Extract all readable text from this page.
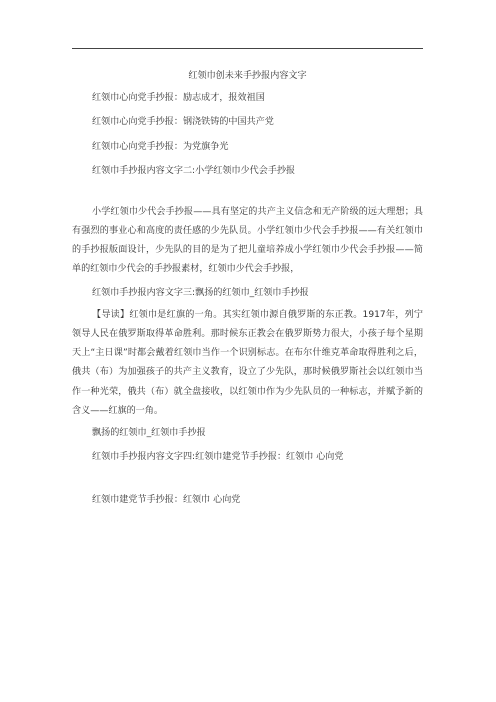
红领巾创未来手抄报内容文字

红领巾心向党手抄报：励志成才，报效祖国

红领巾心向党手抄报：钢浇铁铸的中国共产党

红领巾心向党手抄报：为党旗争光

红领巾手抄报内容文字二:小学红领巾少代会手抄报

小学红领巾少代会手抄报——具有坚定的共产主义信念和无产阶级的远大理想；具有强烈的事业心和高度的责任感的少先队员。小学红领巾少代会手抄报——有关红领巾的手抄报版面设计，少先队的目的是为了把儿童培养成小学红领巾少代会手抄报——简单的红领巾少代会的手抄报素材，红领巾少代会手抄报，

红领巾手抄报内容文字三:飘扬的红领巾_红领巾手抄报

【导读】红领巾是红旗的一角。其实红领巾源自俄罗斯的东正教。1917年，列宁领导人民在俄罗斯取得革命胜利。那时候东正教会在俄罗斯势力很大，小孩子每个星期天上“主日课”时都会戴着红领巾当作一个识别标志。在布尔什维克革命取得胜利之后，俄共（布）为加强孩子的共产主义教育，设立了少先队，那时候俄罗斯社会以红领巾当作一种光荣，俄共（布）就全盘接收，以红领巾作为少先队员的一种标志，并赋予新的含义——红旗的一角。

飘扬的红领巾_红领巾手抄报

红领巾手抄报内容文字四:红领巾建党节手抄报：红领巾 心向党

红领巾建党节手抄报：红领巾 心向党
